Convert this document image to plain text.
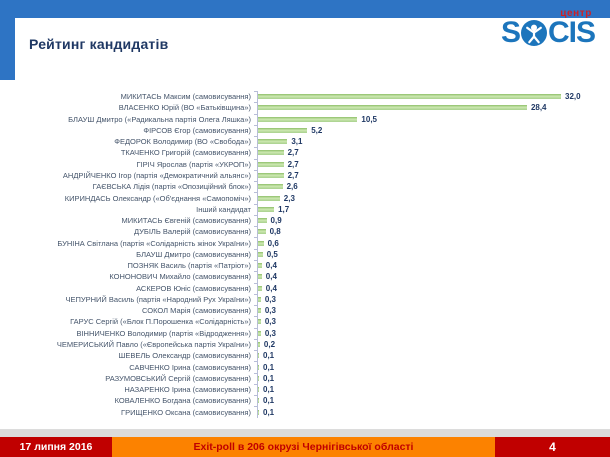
Рейтинг кандидатів
центр
S CIS
МИКИТАСЬ Максим (самовисування)	32,0
ВЛАСЕНКО Юрій (ВО «Батьківщина»)	28,4
БЛАУШ Дмитро («Радикальна партія Олега Ляшка»)	10,5
ФІРСОВ Єгор (самовисування)	5,2
ФЕДОРОК Володимир (ВО «Свобода»)	3,1
ТКАЧЕНКО Григорій (самовисування)	2,7
ГІРІЧ Ярослав (партія «УКРОП»)	2,7
АНДРІЙЧЕНКО Ігор (партія «Демократичний альянс»)	2,7
ГАЄВСЬКА Лідія (партія «Опозиційний блок»)	2,6
КИРИНДАСЬ Олександр («Об'єднання «Самопоміч»)	2,3
Інший кандидат	1,7
МИКИТАСЬ Євгеній (самовисування)	0,9
ДУБІЛЬ Валерій (самовисування)	0,8
БУНІНА Світлана (партія «Солідарність жінок України»)	0,6
БЛАУШ Дмитро (самовисування)	0,5
ПОЗНЯК Василь (партія «Патріот»)	0,4
КОНОНОВИЧ Михайло (самовисування)	0,4
АСКЕРОВ Юніс (самовисування)	0,4
ЧЕПУРНИЙ Василь (партія «Народний Рух України»)	0,3
СОКОЛ Марія (самовисування)	0,3
ГАРУС Сергій («Блок П.Порошенка «Солідарність»)	0,3
ВІННИЧЕНКО Володимир (партія «Відродження»)	0,3
ЧЕМЕРИСЬКИЙ Павло («Європейська партія України»)	0,2
ШЕВЕЛЬ Олександр (самовисування)	0,1
САВЧЕНКО Ірина (самовисування)	0,1
РАЗУМОВСЬКИЙ Сергій (самовисування)	0,1
НАЗАРЕНКО Ірина (самовисування)	0,1
КОВАЛЕНКО Богдана (самовисування)	0,1
ГРИЩЕНКО Оксана (самовисування)	0,1
17 липня 2016	Exit-poll в 206 окрузі Чернігівської області	4
